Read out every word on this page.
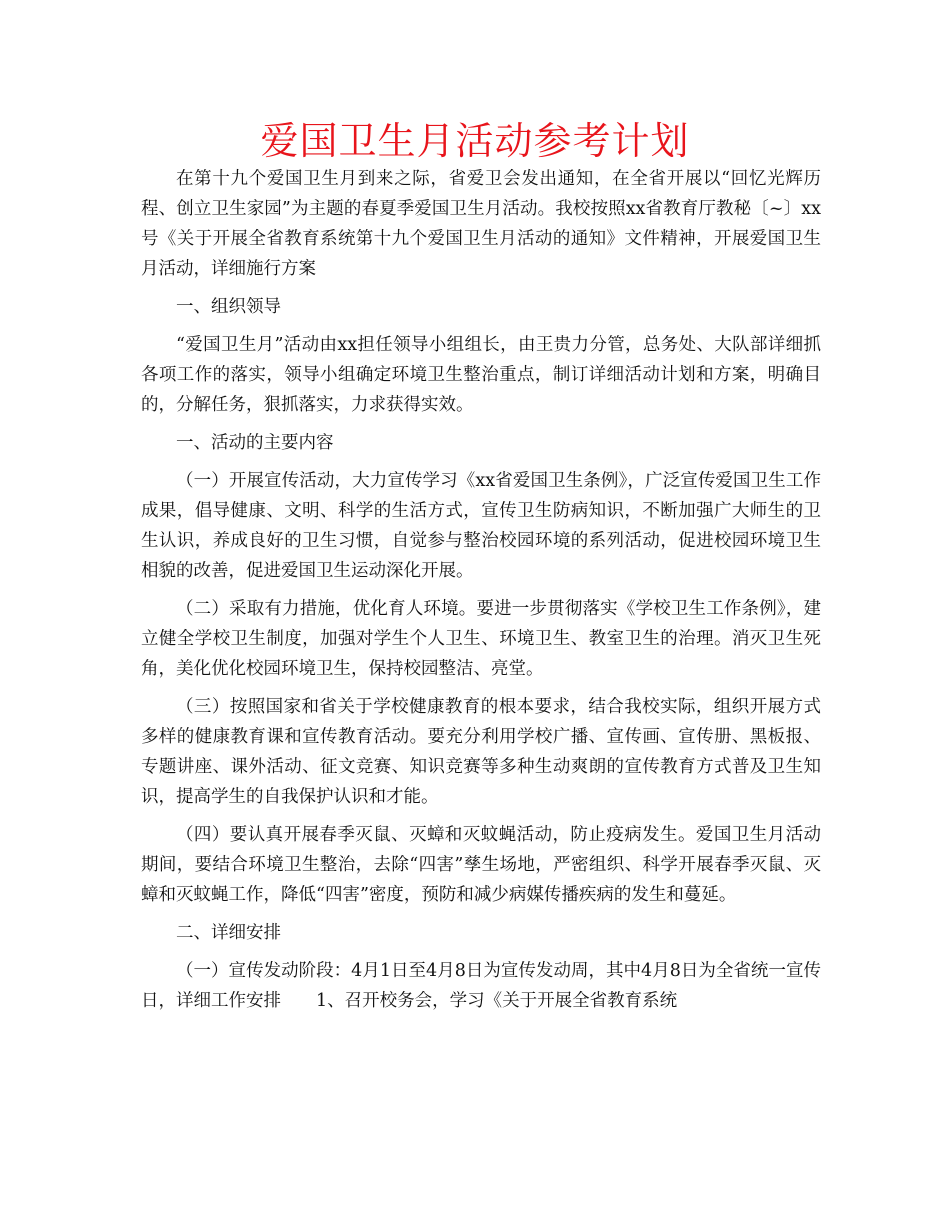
爱国卫生月活动参考计划

在第十九个爱国卫生月到来之际，省爱卫会发出通知，在全省开展以“回忆光辉历程、创立卫生家园”为主题的春夏季爱国卫生月活动。我校按照xx省教育厅教秘〔~〕xx号《关于开展全省教育系统第十九个爱国卫生月活动的通知》文件精神，开展爱国卫生月活动，详细施行方案

一、组织领导

“爱国卫生月”活动由xx担任领导小组组长，由王贵力分管，总务处、大队部详细抓各项工作的落实，领导小组确定环境卫生整治重点，制订详细活动计划和方案，明确目的，分解任务，狠抓落实，力求获得实效。

一、活动的主要内容

（一）开展宣传活动，大力宣传学习《xx省爱国卫生条例》，广泛宣传爱国卫生工作成果，倡导健康、文明、科学的生活方式，宣传卫生防病知识，不断加强广大师生的卫生认识，养成良好的卫生习惯，自觉参与整治校园环境的系列活动，促进校园环境卫生相貌的改善，促进爱国卫生运动深化开展。

（二）采取有力措施，优化育人环境。要进一步贯彻落实《学校卫生工作条例》，建立健全学校卫生制度，加强对学生个人卫生、环境卫生、教室卫生的治理。消灭卫生死角，美化优化校园环境卫生，保持校园整洁、亮堂。

（三）按照国家和省关于学校健康教育的根本要求，结合我校实际，组织开展方式多样的健康教育课和宣传教育活动。要充分利用学校广播、宣传画、宣传册、黑板报、专题讲座、课外活动、征文竞赛、知识竞赛等多种生动爽朗的宣传教育方式普及卫生知识，提高学生的自我保护认识和才能。

（四）要认真开展春季灭鼠、灭蟑和灭蚊蝇活动，防止疫病发生。爱国卫生月活动期间，要结合环境卫生整治，去除“四害”孳生场地，严密组织、科学开展春季灭鼠、灭蟑和灭蚊蝇工作，降低“四害”密度，预防和减少病媒传播疾病的发生和蔓延。

二、详细安排

（一）宣传发动阶段：4月1日至4月8日为宣传发动周，其中4月8日为全省统一宣传日，详细工作安排　　1、召开校务会，学习《关于开展全省教育系统
